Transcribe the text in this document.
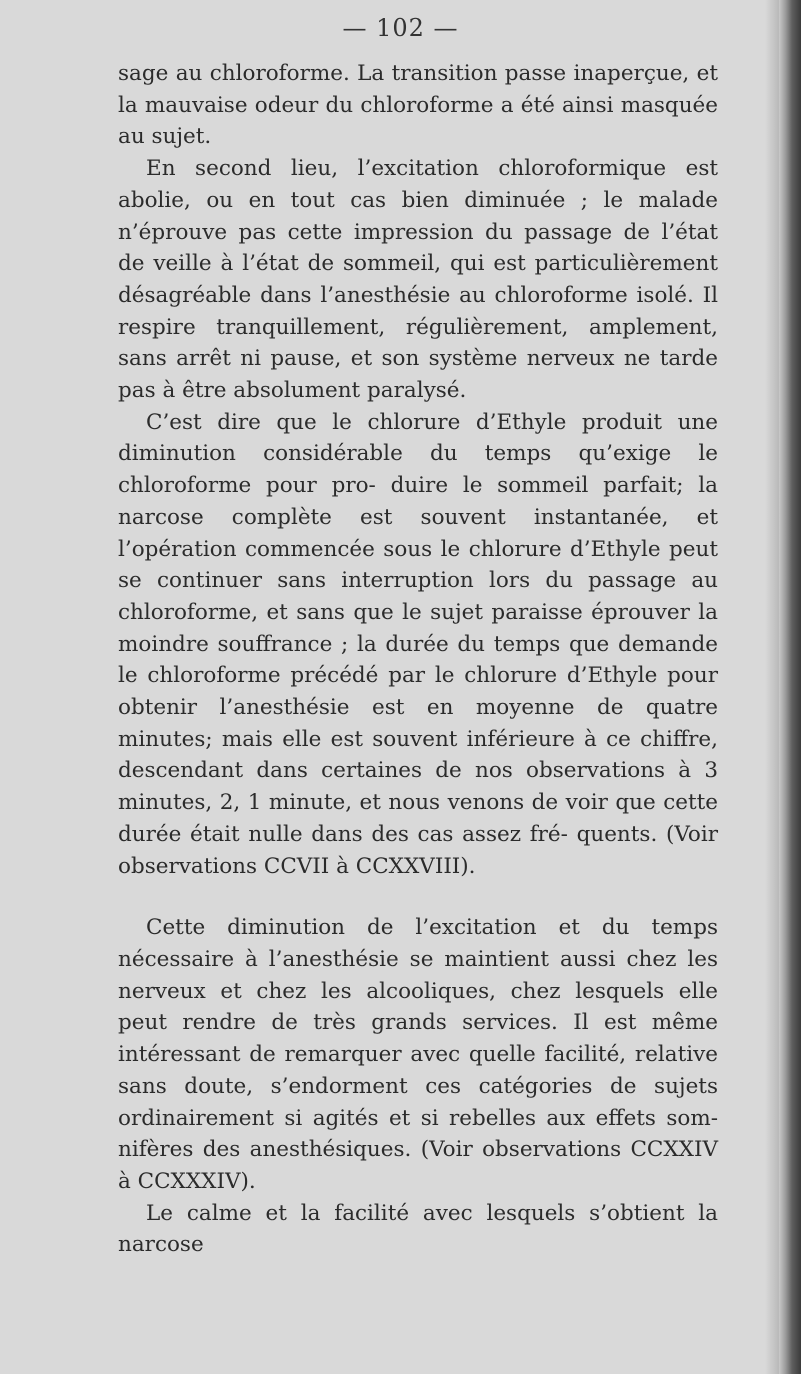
— 102 —

sage au chloroforme. La transition passe inaperçue, et la mauvaise odeur du chloroforme a été ainsi masquée au sujet.

En second lieu, l’excitation chloroformique est abolie, ou en tout cas bien diminuée ; le malade n’éprouve pas cette impression du passage de l’état de veille à l’état de sommeil, qui est particulièrement désagréable dans l’anesthésie au chloroforme isolé. Il respire tranquillement, régulièrement, amplement, sans arrêt ni pause, et son système nerveux ne tarde pas à être absolument paralysé.

C’est dire que le chlorure d’Ethyle produit une diminution considérable du temps qu’exige le chloroforme pour pro- duire le sommeil parfait; la narcose complète est souvent instantanée, et l’opération commencée sous le chlorure d’Ethyle peut se continuer sans interruption lors du passage au chloroforme, et sans que le sujet paraisse éprouver la moindre souffrance ; la durée du temps que demande le chloroforme précédé par le chlorure d’Ethyle pour obtenir l’anesthésie est en moyenne de quatre minutes; mais elle est souvent inférieure à ce chiffre, descendant dans certaines de nos observations à 3 minutes, 2, 1 minute, et nous venons de voir que cette durée était nulle dans des cas assez fré- quents. (Voir observations CCVII à CCXXVIII).

Cette diminution de l’excitation et du temps nécessaire à l’anesthésie se maintient aussi chez les nerveux et chez les alcooliques, chez lesquels elle peut rendre de très grands services. Il est même intéressant de remarquer avec quelle facilité, relative sans doute, s’endorment ces catégories de sujets ordinairement si agités et si rebelles aux effets som- nifères des anesthésiques. (Voir observations CCXXIV à CCXXXIV).

Le calme et la facilité avec lesquels s’obtient la narcose
